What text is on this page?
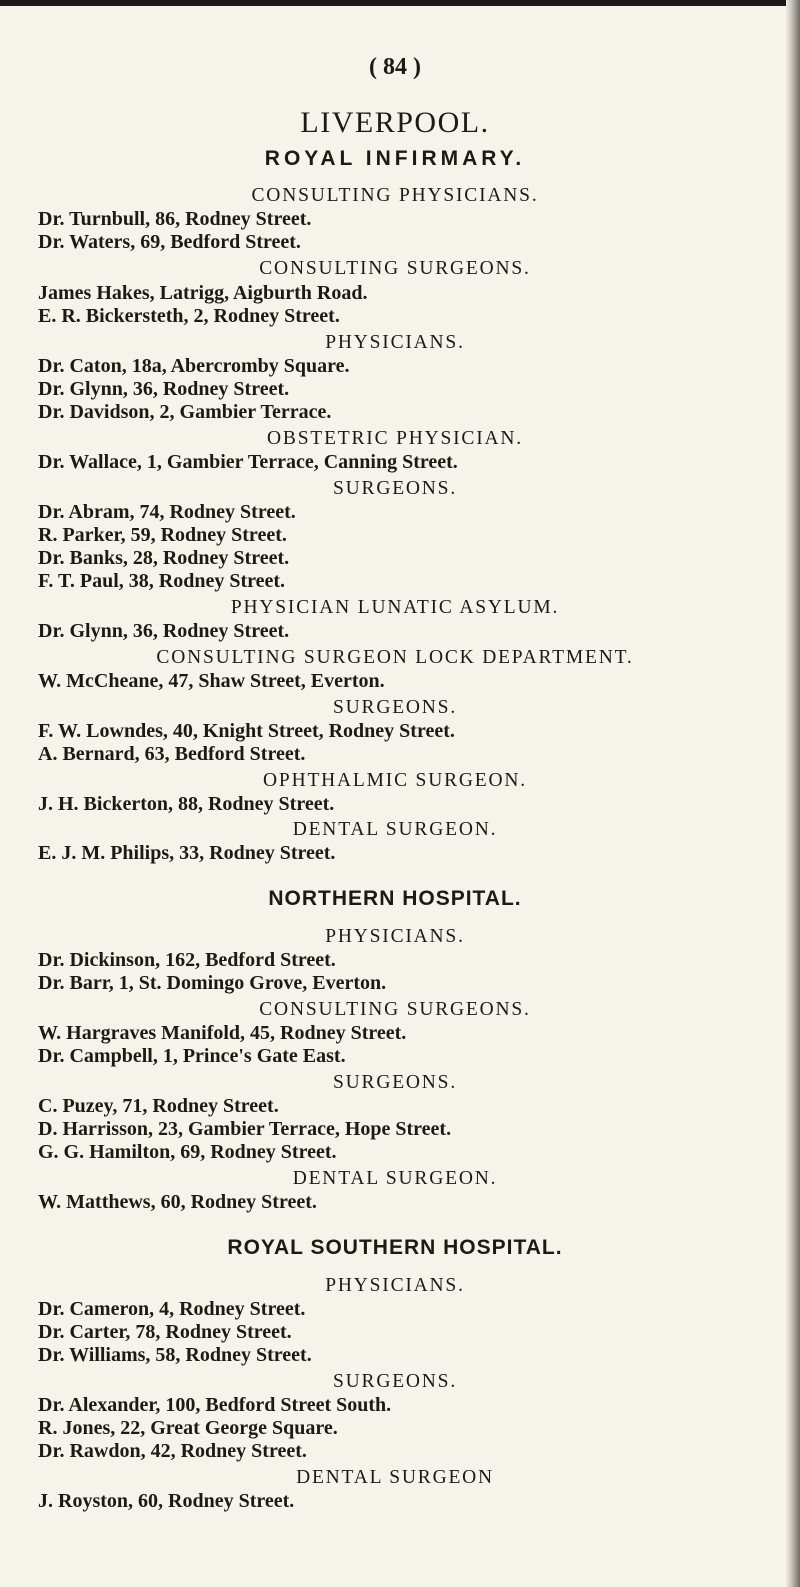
( 84 )
LIVERPOOL.
ROYAL INFIRMARY.
CONSULTING PHYSICIANS.
Dr. Turnbull, 86, Rodney Street.
Dr. Waters, 69, Bedford Street.
CONSULTING SURGEONS.
James Hakes, Latrigg, Aigburth Road.
E. R. Bickersteth, 2, Rodney Street.
PHYSICIANS.
Dr. Caton, 18a, Abercromby Square.
Dr. Glynn, 36, Rodney Street.
Dr. Davidson, 2, Gambier Terrace.
OBSTETRIC PHYSICIAN.
Dr. Wallace, 1, Gambier Terrace, Canning Street.
SURGEONS.
Dr. Abram, 74, Rodney Street.
R. Parker, 59, Rodney Street.
Dr. Banks, 28, Rodney Street.
F. T. Paul, 38, Rodney Street.
PHYSICIAN LUNATIC ASYLUM.
Dr. Glynn, 36, Rodney Street.
CONSULTING SURGEON LOCK DEPARTMENT.
W. McCheane, 47, Shaw Street, Everton.
SURGEONS.
F. W. Lowndes, 40, Knight Street, Rodney Street.
A. Bernard, 63, Bedford Street.
OPHTHALMIC SURGEON.
J. H. Bickerton, 88, Rodney Street.
DENTAL SURGEON.
E. J. M. Philips, 33, Rodney Street.
NORTHERN HOSPITAL.
PHYSICIANS.
Dr. Dickinson, 162, Bedford Street.
Dr. Barr, 1, St. Domingo Grove, Everton.
CONSULTING SURGEONS.
W. Hargraves Manifold, 45, Rodney Street.
Dr. Campbell, 1, Prince's Gate East.
SURGEONS.
C. Puzey, 71, Rodney Street.
D. Harrisson, 23, Gambier Terrace, Hope Street.
G. G. Hamilton, 69, Rodney Street.
DENTAL SURGEON.
W. Matthews, 60, Rodney Street.
ROYAL SOUTHERN HOSPITAL.
PHYSICIANS.
Dr. Cameron, 4, Rodney Street.
Dr. Carter, 78, Rodney Street.
Dr. Williams, 58, Rodney Street.
SURGEONS.
Dr. Alexander, 100, Bedford Street South.
R. Jones, 22, Great George Square.
Dr. Rawdon, 42, Rodney Street.
DENTAL SURGEON
J. Royston, 60, Rodney Street.
